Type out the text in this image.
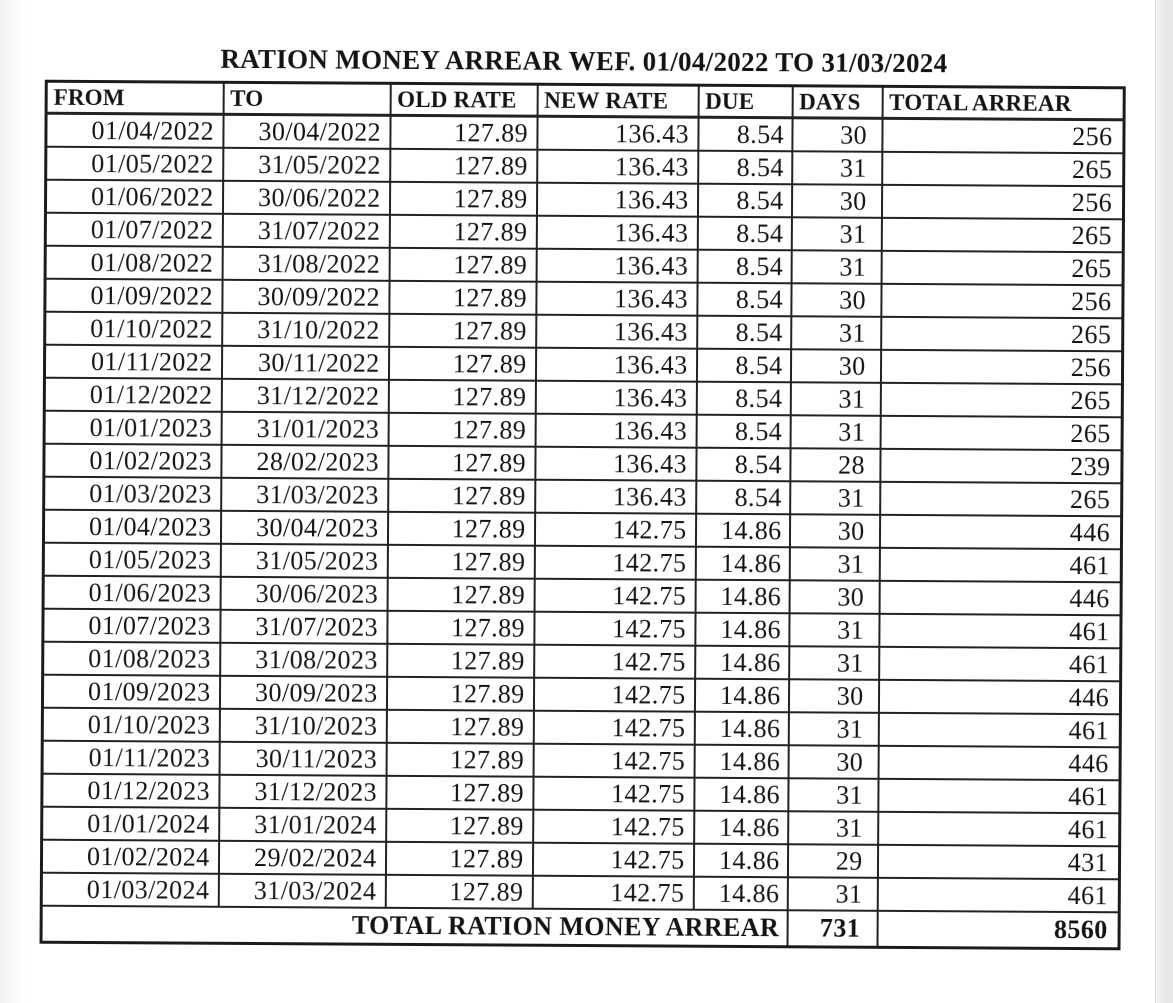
RATION MONEY ARREAR WEF. 01/04/2022 TO 31/03/2024
FROM	TO	OLD RATE	NEW RATE	DUE	DAYS	TOTAL ARREAR
01/04/2022	30/04/2022	127.89	136.43	8.54	30	256
01/05/2022	31/05/2022	127.89	136.43	8.54	31	265
01/06/2022	30/06/2022	127.89	136.43	8.54	30	256
01/07/2022	31/07/2022	127.89	136.43	8.54	31	265
01/08/2022	31/08/2022	127.89	136.43	8.54	31	265
01/09/2022	30/09/2022	127.89	136.43	8.54	30	256
01/10/2022	31/10/2022	127.89	136.43	8.54	31	265
01/11/2022	30/11/2022	127.89	136.43	8.54	30	256
01/12/2022	31/12/2022	127.89	136.43	8.54	31	265
01/01/2023	31/01/2023	127.89	136.43	8.54	31	265
01/02/2023	28/02/2023	127.89	136.43	8.54	28	239
01/03/2023	31/03/2023	127.89	136.43	8.54	31	265
01/04/2023	30/04/2023	127.89	142.75	14.86	30	446
01/05/2023	31/05/2023	127.89	142.75	14.86	31	461
01/06/2023	30/06/2023	127.89	142.75	14.86	30	446
01/07/2023	31/07/2023	127.89	142.75	14.86	31	461
01/08/2023	31/08/2023	127.89	142.75	14.86	31	461
01/09/2023	30/09/2023	127.89	142.75	14.86	30	446
01/10/2023	31/10/2023	127.89	142.75	14.86	31	461
01/11/2023	30/11/2023	127.89	142.75	14.86	30	446
01/12/2023	31/12/2023	127.89	142.75	14.86	31	461
01/01/2024	31/01/2024	127.89	142.75	14.86	31	461
01/02/2024	29/02/2024	127.89	142.75	14.86	29	431
01/03/2024	31/03/2024	127.89	142.75	14.86	31	461
TOTAL RATION MONEY ARREAR					731	8560
